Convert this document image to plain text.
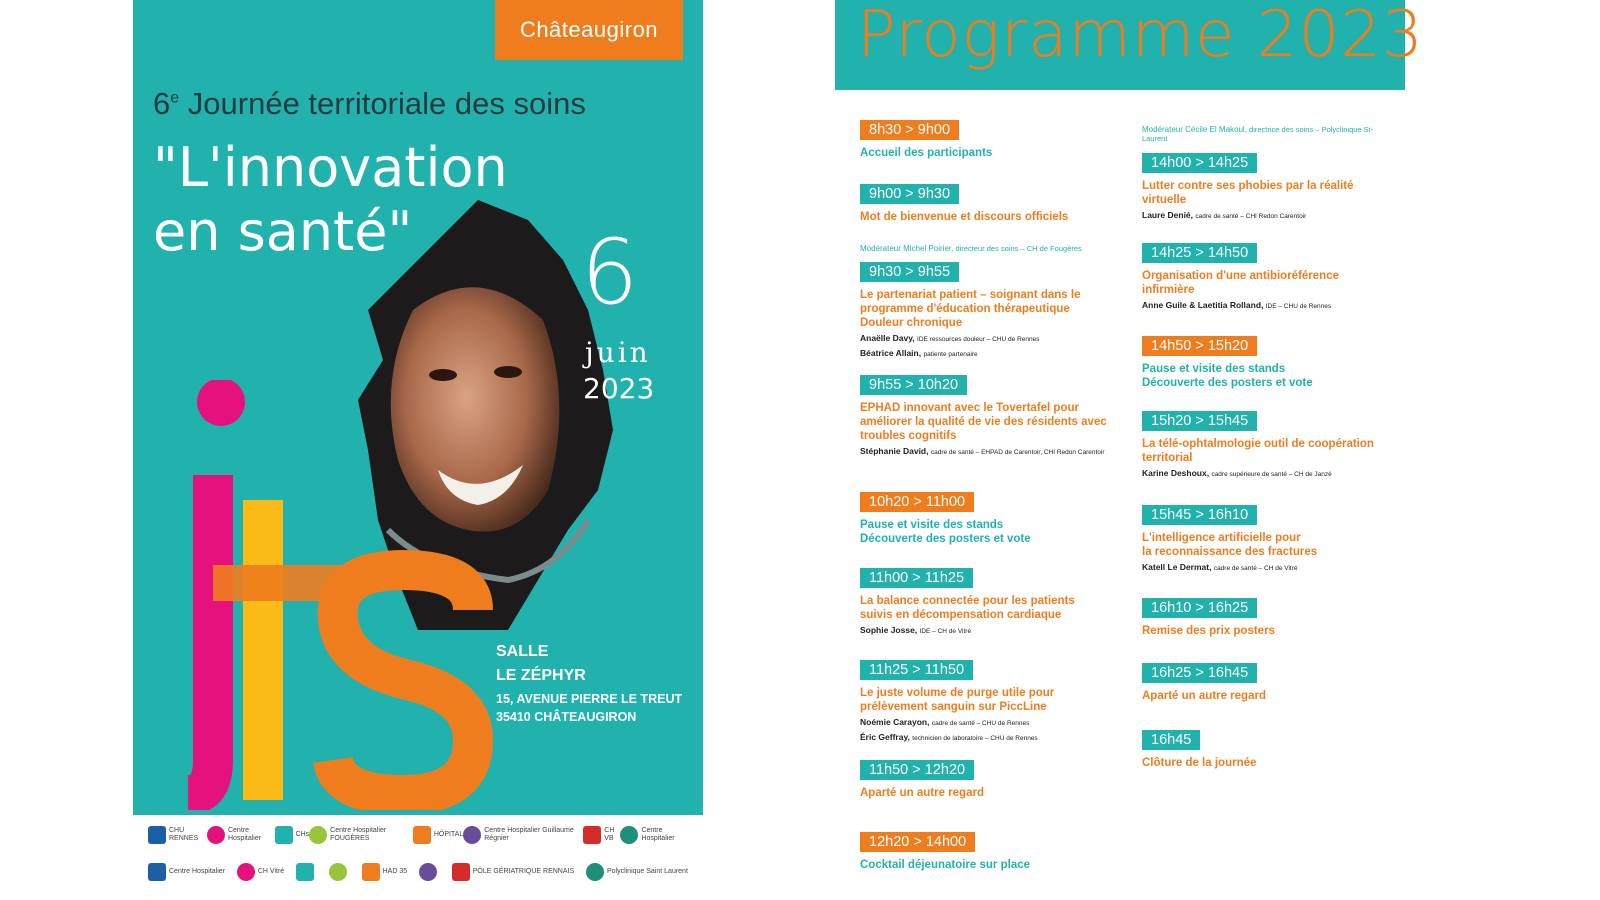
Châteaugiron
6e Journée territoriale des soins
"L'innovation
en santé"	6
juin
2023
SALLE
LE ZÉPHYR
15, AVENUE PIERRE LE TREUT
35410 CHÂTEAUGIRON
CHU RENNES
Centre Hospitalier
CHs
Centre Hospitalier FOUGÈRES
HÔPITAL
Centre Hospitalier Guillaume Régnier
CH VB
Centre Hospitalier
Centre Hospitalier	CH Vitré	HAD 35	PÔLE GÉRIATRIQUE RENNAIS	Polyclinique Saint Laurent
Programme 2023
Modérateur Michel Poirier, directeur des soins – CH de Fougères
Modérateur Cécile El Makoul, directrice des soins – Polyclinique St-Laurent
8h30 > 9h00
Accueil des participants
9h00 > 9h30
Mot de bienvenue et discours officiels
9h30 > 9h55
Le partenariat patient – soignant dans le programme d'éducation thérapeutique Douleur chronique
Anaëlle Davy, IDE ressources douleur – CHU de Rennes
Béatrice Allain, patiente partenaire
9h55 > 10h20
EPHAD innovant avec le Tovertafel pour améliorer la qualité de vie des résidents avec troubles cognitifs
Stéphanie David, cadre de santé – EHPAD de Carentoir, CHI Redon Carentoir
10h20 > 11h00
Pause et visite des stands
Découverte des posters et vote
11h00 > 11h25
La balance connectée pour les patients suivis en décompensation cardiaque
Sophie Josse, IDE – CH de Vitré
11h25 > 11h50
Le juste volume de purge utile pour prélèvement sanguin sur PiccLine
Noémie Carayon, cadre de santé – CHU de Rennes
Éric Geffray, technicien de laboratoire – CHU de Rennes
11h50 > 12h20
Aparté un autre regard
12h20 > 14h00
Cocktail déjeunatoire sur place
14h00 > 14h25
Lutter contre ses phobies par la réalité virtuelle
Laure Denié, cadre de santé – CHI Redon Carentoir
14h25 > 14h50
Organisation d'une antibioréférence infirmière
Anne Guile & Laetitia Rolland, IDE – CHU de Rennes
14h50 > 15h20
Pause et visite des stands
Découverte des posters et vote
15h20 > 15h45
La télé-ophtalmologie outil de coopération territorial
Karine Deshoux, cadre supérieure de santé – CH de Janzé
15h45 > 16h10
L'intelligence artificielle pour
la reconnaissance des fractures
Katell Le Dermat, cadre de santé – CH de Vitré
16h10 > 16h25
Remise des prix posters
16h25 > 16h45
Aparté un autre regard
16h45
Clôture de la journée
